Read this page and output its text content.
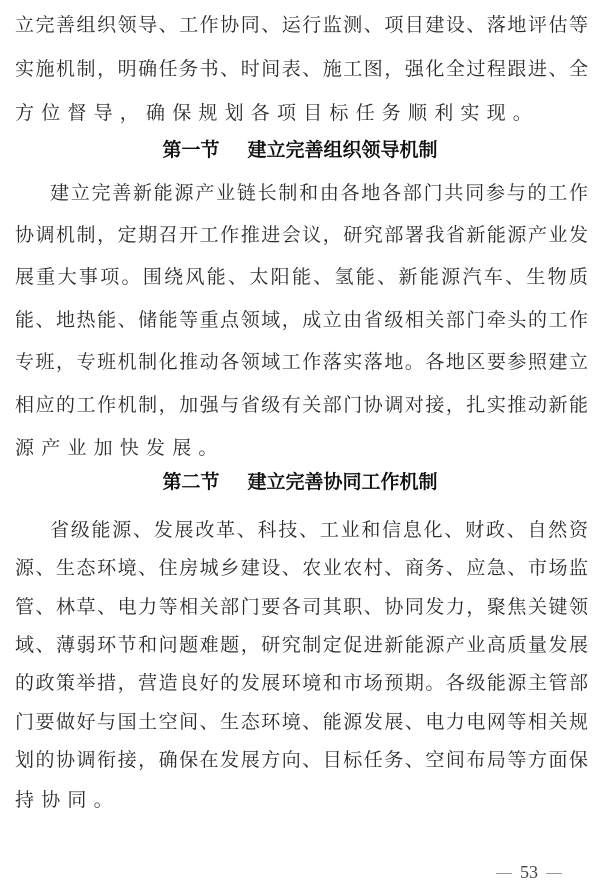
立完善组织领导、工作协同、运行监测、项目建设、落地评估等
实施机制，明确任务书、时间表、施工图，强化全过程跟进、全
方位督导，确保规划各项目标任务顺利实现。
第一节 建立完善组织领导机制
建立完善新能源产业链长制和由各地各部门共同参与的工作
协调机制，定期召开工作推进会议，研究部署我省新能源产业发
展重大事项。围绕风能、太阳能、氢能、新能源汽车、生物质
能、地热能、储能等重点领域，成立由省级相关部门牵头的工作
专班，专班机制化推动各领域工作落实落地。各地区要参照建立
相应的工作机制，加强与省级有关部门协调对接，扎实推动新能
源产业加快发展。
第二节 建立完善协同工作机制
省级能源、发展改革、科技、工业和信息化、财政、自然资
源、生态环境、住房城乡建设、农业农村、商务、应急、市场监
管、林草、电力等相关部门要各司其职、协同发力，聚焦关键领
域、薄弱环节和问题难题，研究制定促进新能源产业高质量发展
的政策举措，营造良好的发展环境和市场预期。各级能源主管部
门要做好与国土空间、生态环境、能源发展、电力电网等相关规
划的协调衔接，确保在发展方向、目标任务、空间布局等方面保
持协同。
53
